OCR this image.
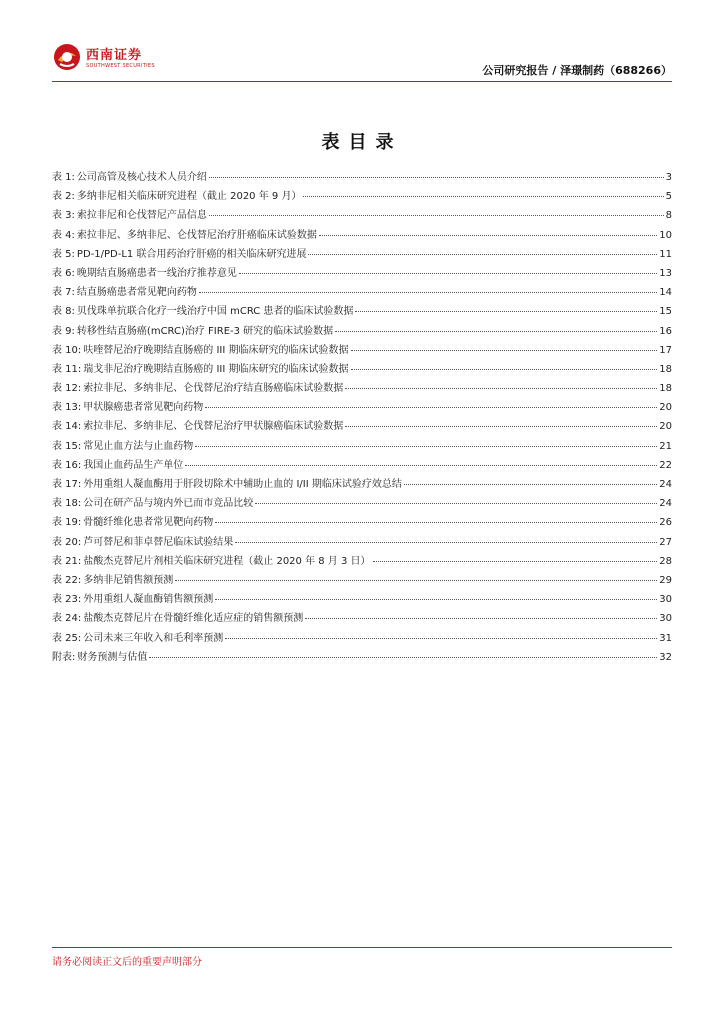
西南证券
SOUTHWEST SECURITIES	公司研究报告 / 泽璟制药（688266）
表目录
表 1: 公司高管及核心技术人员介绍	3
表 2: 多纳非尼相关临床研究进程（截止 2020 年 9 月）	5
表 3: 索拉非尼和仑伐替尼产品信息	8
表 4: 索拉非尼、多纳非尼、仑伐替尼治疗肝癌临床试验数据	10
表 5: PD-1/PD-L1 联合用药治疗肝癌的相关临床研究进展	11
表 6: 晚期结直肠癌患者一线治疗推荐意见	13
表 7: 结直肠癌患者常见靶向药物	14
表 8: 贝伐珠单抗联合化疗一线治疗中国 mCRC 患者的临床试验数据	15
表 9: 转移性结直肠癌(mCRC)治疗 FIRE-3 研究的临床试验数据	16
表 10: 呋喹替尼治疗晚期结直肠癌的 III 期临床研究的临床试验数据	17
表 11: 瑞戈非尼治疗晚期结直肠癌的 III 期临床研究的临床试验数据	18
表 12: 索拉非尼、多纳非尼、仑伐替尼治疗结直肠癌临床试验数据	18
表 13: 甲状腺癌患者常见靶向药物	20
表 14: 索拉非尼、多纳非尼、仑伐替尼治疗甲状腺癌临床试验数据	20
表 15: 常见止血方法与止血药物	21
表 16: 我国止血药品生产单位	22
表 17: 外用重组人凝血酶用于肝段切除术中辅助止血的 I/II 期临床试验疗效总结	24
表 18: 公司在研产品与境内外已而市竞品比较	24
表 19: 骨髓纤维化患者常见靶向药物	26
表 20: 芦可替尼和菲卓替尼临床试验结果	27
表 21: 盐酸杰克替尼片剂相关临床研究进程（截止 2020 年 8 月 3 日）	28
表 22: 多纳非尼销售额预测	29
表 23: 外用重组人凝血酶销售额预测	30
表 24: 盐酸杰克替尼片在骨髓纤维化适应症的销售额预测	30
表 25: 公司未来三年收入和毛利率预测	31
附表: 财务预测与估值	32
请务必阅读正文后的重要声明部分
